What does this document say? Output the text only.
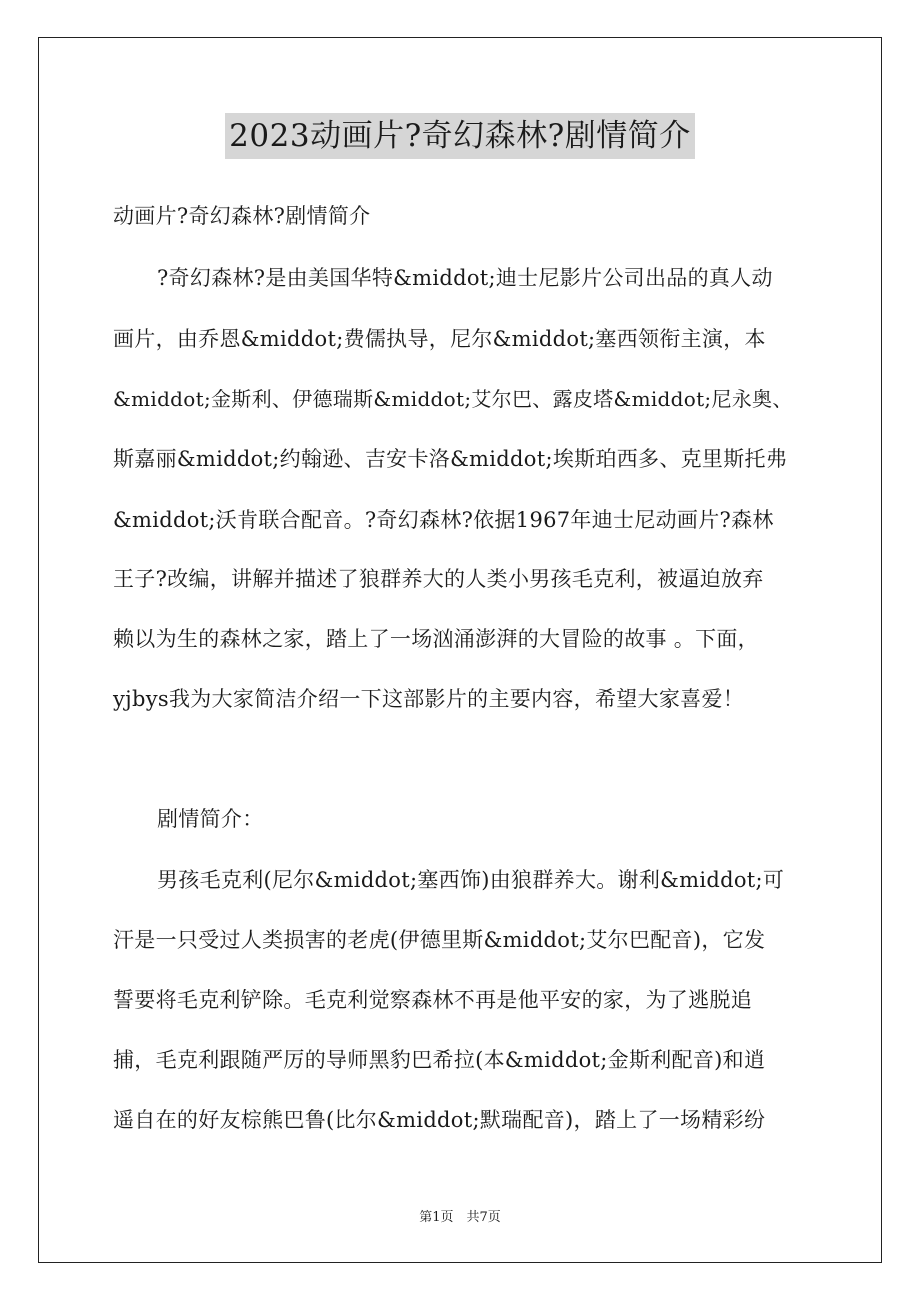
2023动画片?奇幻森林?剧情简介
动画片?奇幻森林?剧情简介
?奇幻森林?是由美国华特&middot;迪士尼影片公司出品的真人动
画片，由乔恩&middot;费儒执导，尼尔&middot;塞西领衔主演，本
&middot;金斯利、伊德瑞斯&middot;艾尔巴、露皮塔&middot;尼永奥、
斯嘉丽&middot;约翰逊、吉安卡洛&middot;埃斯珀西多、克里斯托弗
&middot;沃肯联合配音。?奇幻森林?依据1967年迪士尼动画片?森林
王子?改编，讲解并描述了狼群养大的人类小男孩毛克利，被逼迫放弃
赖以为生的森林之家，踏上了一场汹涌澎湃的大冒险的故事 。下面，
yjbys我为大家简洁介绍一下这部影片的主要内容，希望大家喜爱！
剧情简介：
男孩毛克利(尼尔&middot;塞西饰)由狼群养大。谢利&middot;可
汗是一只受过人类损害的老虎(伊德里斯&middot;艾尔巴配音)，它发
誓要将毛克利铲除。毛克利觉察森林不再是他平安的家，为了逃脱追
捕，毛克利跟随严厉的导师黑豹巴希拉(本&middot;金斯利配音)和逍
遥自在的好友棕熊巴鲁(比尔&middot;默瑞配音)，踏上了一场精彩纷
第1页　共7页
